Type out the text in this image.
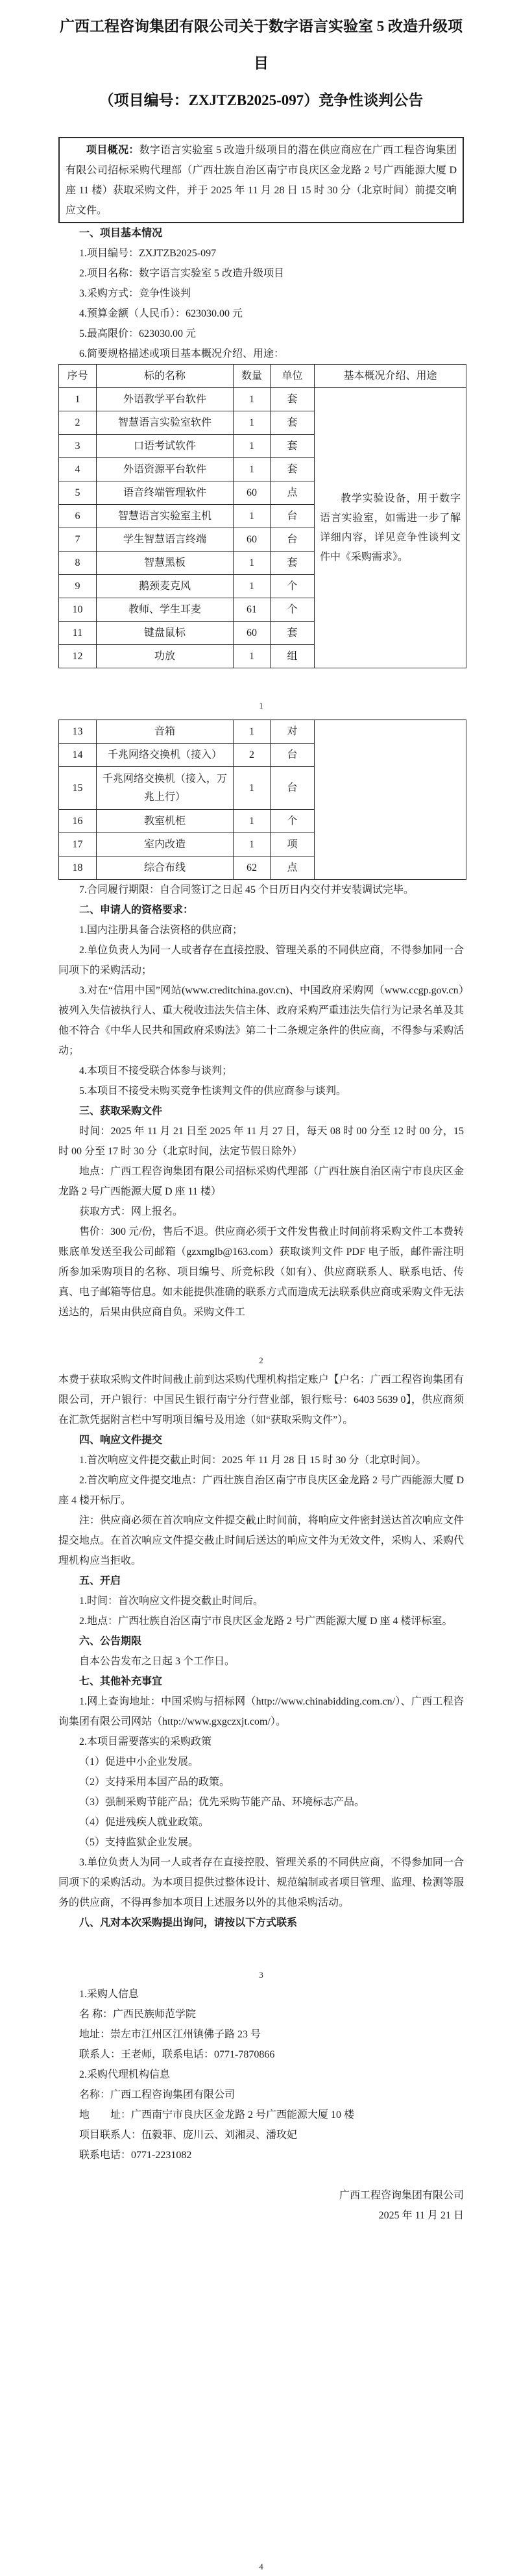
广西工程咨询集团有限公司关于数字语言实验室 5 改造升级项目
（项目编号：ZXJTZB2025-097）竞争性谈判公告

项目概况：数字语言实验室 5 改造升级项目的潜在供应商应在广西工程咨询集团有限公司招标采购代理部（广西壮族自治区南宁市良庆区金龙路 2 号广西能源大厦 D 座 11 楼）获取采购文件，并于 2025 年 11 月 28 日 15 时 30 分（北京时间）前提交响应文件。

一、项目基本情况

1.项目编号：ZXJTZB2025-097

2.项目名称：数字语言实验室 5 改造升级项目

3.采购方式：竞争性谈判

4.预算金额（人民币）：623030.00 元

5.最高限价：623030.00 元

6.简要规格描述或项目基本概况介绍、用途：

序号	标的名称	数量	单位	基本概况介绍、用途
1	外语教学平台软件	1	套	教学实验设备，用于数字语言实验室，如需进一步了解详细内容，详见竞争性谈判文件中《采购需求》。
2	智慧语言实验室软件	1	套	
3	口语考试软件	1	套	
4	外语资源平台软件	1	套	
5	语音终端管理软件	60	点	
6	智慧语言实验室主机	1	台	
7	学生智慧语言终端	60	台	
8	智慧黑板	1	套	
9	鹅颈麦克风	1	个	
10	教师、学生耳麦	61	个	
11	键盘鼠标	60	套	
12	功放	1	组	

1

13	音箱	1	对	
14	千兆网络交换机（接入）	2	台	
15	千兆网络交换机（接入，万兆上行）	1	台	
16	教室机柜	1	个	
17	室内改造	1	项	
18	综合布线	62	点	

7.合同履行期限：自合同签订之日起 45 个日历日内交付并安装调试完毕。

二、申请人的资格要求：

1.国内注册具备合法资格的供应商；

2.单位负责人为同一人或者存在直接控股、管理关系的不同供应商，不得参加同一合同项下的采购活动；

3.对在“信用中国”网站(www.creditchina.gov.cn)、中国政府采购网（www.ccgp.gov.cn）被列入失信被执行人、重大税收违法失信主体、政府采购严重违法失信行为记录名单及其他不符合《中华人民共和国政府采购法》第二十二条规定条件的供应商，不得参与采购活动；

4.本项目不接受联合体参与谈判；

5.本项目不接受未购买竞争性谈判文件的供应商参与谈判。

三、获取采购文件

时间：2025 年 11 月 21 日至 2025 年 11 月 27 日，每天 08 时 00 分至 12 时 00 分，15 时 00 分至 17 时 30 分（北京时间，法定节假日除外）

地点：广西工程咨询集团有限公司招标采购代理部（广西壮族自治区南宁市良庆区金龙路 2 号广西能源大厦 D 座 11 楼）

获取方式：网上报名。

售价：300 元/份，售后不退。供应商必须于文件发售截止时间前将采购文件工本费转账底单发送至我公司邮箱（gzxmglb@163.com）获取谈判文件 PDF 电子版，邮件需注明所参加采购项目的名称、项目编号、所竞标段（如有）、供应商联系人、联系电话、传真、电子邮箱等信息。如未能提供准确的联系方式而造成无法联系供应商或采购文件无法送达的，后果由供应商自负。采购文件工

2

本费于获取采购文件时间截止前到达采购代理机构指定账户【户名：广西工程咨询集团有限公司，开户银行：中国民生银行南宁分行营业部，银行账号：6403 5639 0】，供应商须在汇款凭据附言栏中写明项目编号及用途（如“获取采购文件”）。

四、响应文件提交

1.首次响应文件提交截止时间：2025 年 11 月 28 日 15 时 30 分（北京时间）。

2.首次响应文件提交地点：广西壮族自治区南宁市良庆区金龙路 2 号广西能源大厦 D 座 4 楼开标厅。

注：供应商必须在首次响应文件提交截止时间前，将响应文件密封送达首次响应文件提交地点。在首次响应文件提交截止时间后送达的响应文件为无效文件，采购人、采购代理机构应当拒收。

五、开启

1.时间：首次响应文件提交截止时间后。

2.地点：广西壮族自治区南宁市良庆区金龙路 2 号广西能源大厦 D 座 4 楼评标室。

六、公告期限

自本公告发布之日起 3 个工作日。

七、其他补充事宜

1.网上查询地址：中国采购与招标网（http://www.chinabidding.com.cn/）、广西工程咨询集团有限公司网站（http://www.gxgczxjt.com/）。

2.本项目需要落实的采购政策

（1）促进中小企业发展。

（2）支持采用本国产品的政策。

（3）强制采购节能产品；优先采购节能产品、环境标志产品。

（4）促进残疾人就业政策。

（5）支持监狱企业发展。

3.单位负责人为同一人或者存在直接控股、管理关系的不同供应商，不得参加同一合同项下的采购活动。为本项目提供过整体设计、规范编制或者项目管理、监理、检测等服务的供应商，不得再参加本项目上述服务以外的其他采购活动。

八、凡对本次采购提出询问，请按以下方式联系

3

1.采购人信息

名 称：广西民族师范学院

地址：崇左市江州区江州镇佛子路 23 号

联系人：王老师，联系电话：0771-7870866

2.采购代理机构信息

名称：广西工程咨询集团有限公司

地　　址：广西南宁市良庆区金龙路 2 号广西能源大厦 10 楼

项目联系人：伍毅菲、庞川云、刘湘灵、潘玫妃

联系电话：0771-2231082

广西工程咨询集团有限公司

2025 年 11 月 21 日

4
